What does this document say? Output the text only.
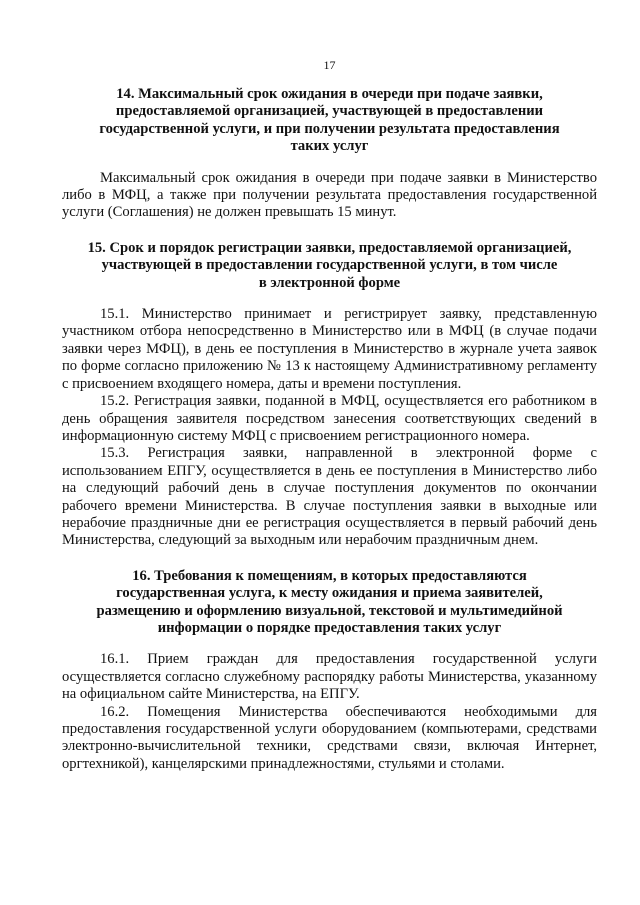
17
14. Максимальный срок ожидания в очереди при подаче заявки,
предоставляемой организацией, участвующей в предоставлении
государственной услуги, и при получении результата предоставления
таких услуг

Максимальный срок ожидания в очереди при подаче заявки в Министерство либо в МФЦ, а также при получении результата предоставления государственной услуги (Соглашения) не должен превышать 15 минут.

15. Срок и порядок регистрации заявки, предоставляемой организацией,
участвующей в предоставлении государственной услуги, в том числе
в электронной форме

15.1. Министерство принимает и регистрирует заявку, представленную участником отбора непосредственно в Министерство или в МФЦ (в случае подачи заявки через МФЦ), в день ее поступления в Министерство в журнале учета заявок по форме согласно приложению № 13 к настоящему Административному регламенту с присвоением входящего номера, даты и времени поступления.

15.2. Регистрация заявки, поданной в МФЦ, осуществляется его работником в день обращения заявителя посредством занесения соответствующих сведений в информационную систему МФЦ с присвоением регистрационного номера.

15.3. Регистрация заявки, направленной в электронной форме с использованием ЕПГУ, осуществляется в день ее поступления в Министерство либо на следующий рабочий день в случае поступления документов по окончании рабочего времени Министерства. В случае поступления заявки в выходные или нерабочие праздничные дни ее регистрация осуществляется в первый рабочий день Министерства, следующий за выходным или нерабочим праздничным днем.

16. Требования к помещениям, в которых предоставляются
государственная услуга, к месту ожидания и приема заявителей,
размещению и оформлению визуальной, текстовой и мультимедийной
информации о порядке предоставления таких услуг

16.1. Прием граждан для предоставления государственной услуги осуществляется согласно служебному распорядку работы Министерства, указанному на официальном сайте Министерства, на ЕПГУ.

16.2. Помещения Министерства обеспечиваются необходимыми для предоставления государственной услуги оборудованием (компьютерами, средствами электронно-вычислительной техники, средствами связи, включая Интернет, оргтехникой), канцелярскими принадлежностями, стульями и столами.
